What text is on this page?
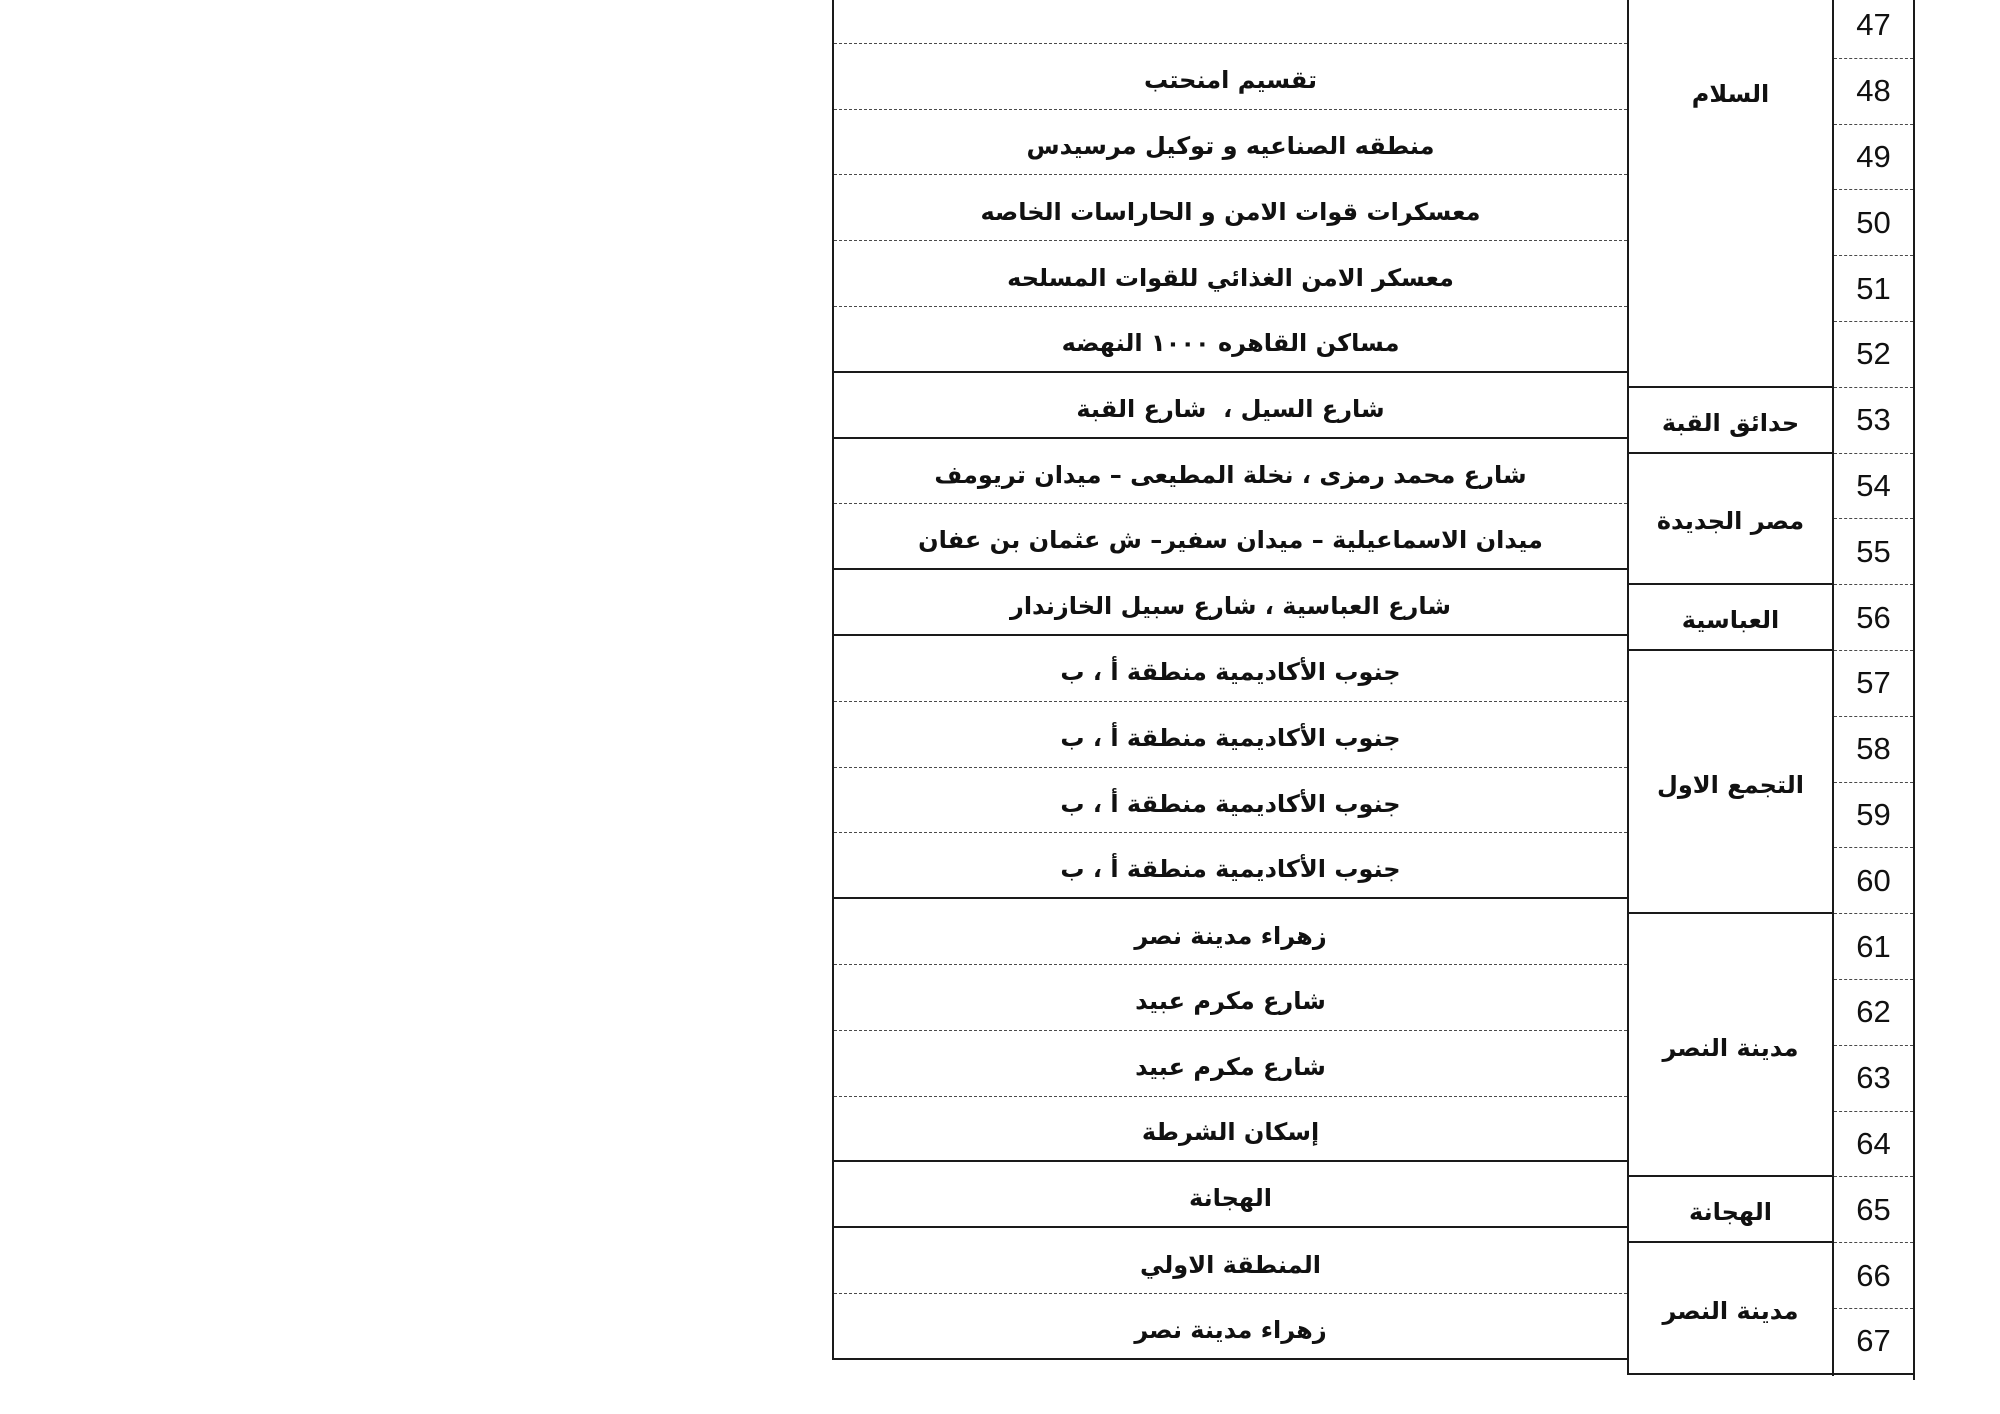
تقسيم امنحتب
منطقه الصناعيه و توكيل مرسيدس
معسكرات قوات الامن و الحاراسات الخاصه
معسكر الامن الغذائي للقوات المسلحه
مساكن القاهره ١٠٠٠ النهضه
شارع السيل ،  شارع القبة
شارع محمد رمزى ، نخلة المطيعى – ميدان تريومف
ميدان الاسماعيلية – ميدان سفير– ش عثمان بن عفان
شارع العباسية ، شارع سبيل الخازندار
جنوب الأكاديمية منطقة أ ، ب
جنوب الأكاديمية منطقة أ ، ب
جنوب الأكاديمية منطقة أ ، ب
جنوب الأكاديمية منطقة أ ، ب
زهراء مدينة نصر
شارع مكرم عبيد
شارع مكرم عبيد
إسكان الشرطة
الهجانة
المنطقة الاولي
زهراء مدينة نصر
السلام
حدائق القبة
مصر الجديدة
العباسية
التجمع الاول
مدينة النصر
الهجانة
مدينة النصر
47
48
49
50
51
52
53
54
55
56
57
58
59
60
61
62
63
64
65
66
67
